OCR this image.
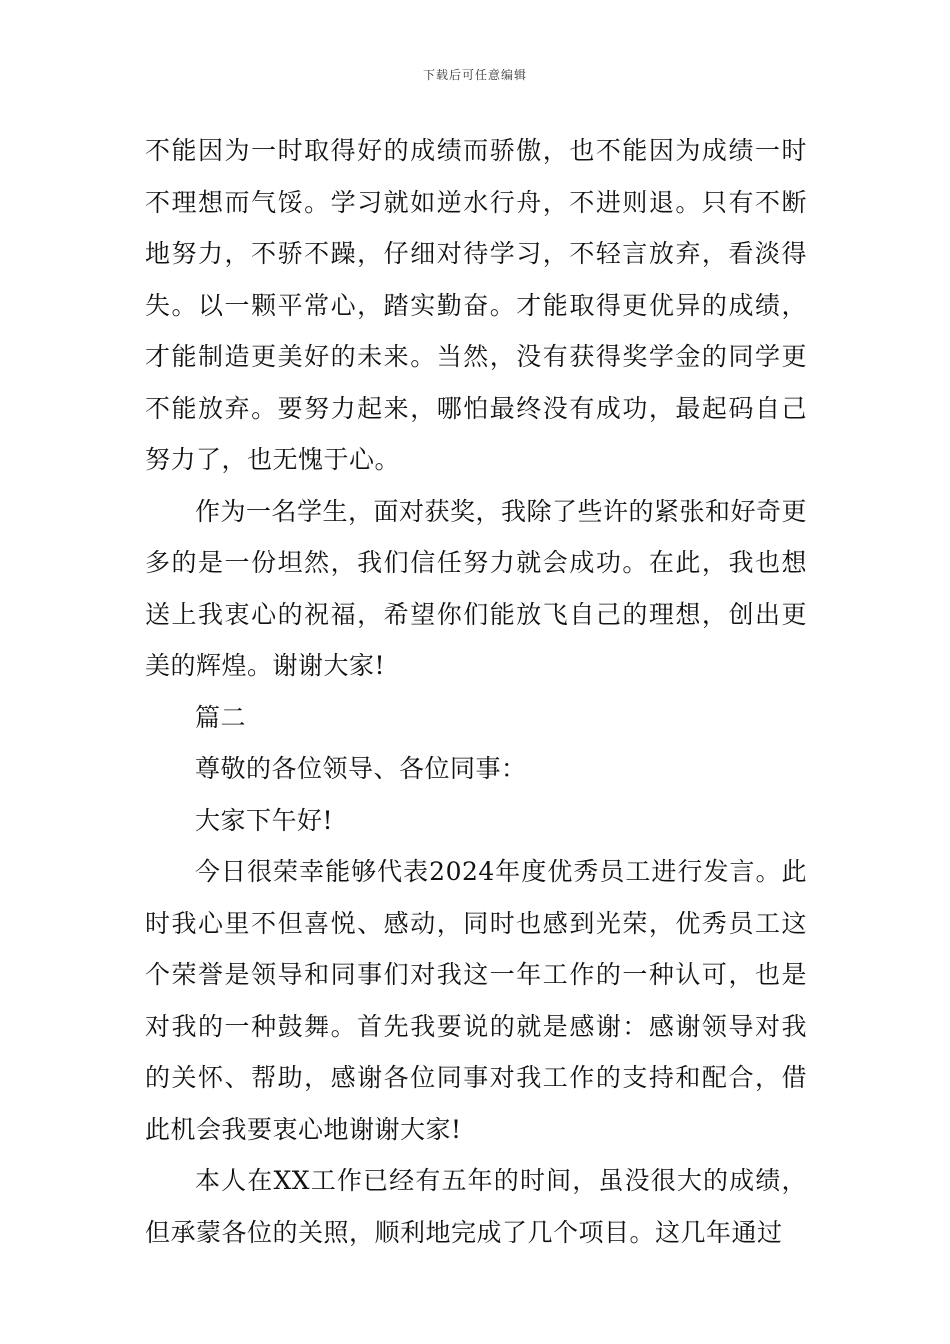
下载后可任意编辑

不能因为一时取得好的成绩而骄傲，也不能因为成绩一时不理想而气馁。学习就如逆水行舟，不进则退。只有不断地努力，不骄不躁，仔细对待学习，不轻言放弃，看淡得失。以一颗平常心，踏实勤奋。才能取得更优异的成绩，才能制造更美好的未来。当然，没有获得奖学金的同学更不能放弃。要努力起来，哪怕最终没有成功，最起码自己努力了，也无愧于心。

作为一名学生，面对获奖，我除了些许的紧张和好奇更多的是一份坦然，我们信任努力就会成功。在此，我也想送上我衷心的祝福，希望你们能放飞自己的理想，创出更美的辉煌。谢谢大家!

篇二

尊敬的各位领导、各位同事：

大家下午好!

今日很荣幸能够代表2024年度优秀员工进行发言。此时我心里不但喜悦、感动，同时也感到光荣，优秀员工这个荣誉是领导和同事们对我这一年工作的一种认可，也是对我的一种鼓舞。首先我要说的就是感谢：感谢领导对我的关怀、帮助，感谢各位同事对我工作的支持和配合，借此机会我要衷心地谢谢大家!

本人在XX工作已经有五年的时间，虽没很大的成绩，但承蒙各位的关照，顺利地完成了几个项目。这几年通过
